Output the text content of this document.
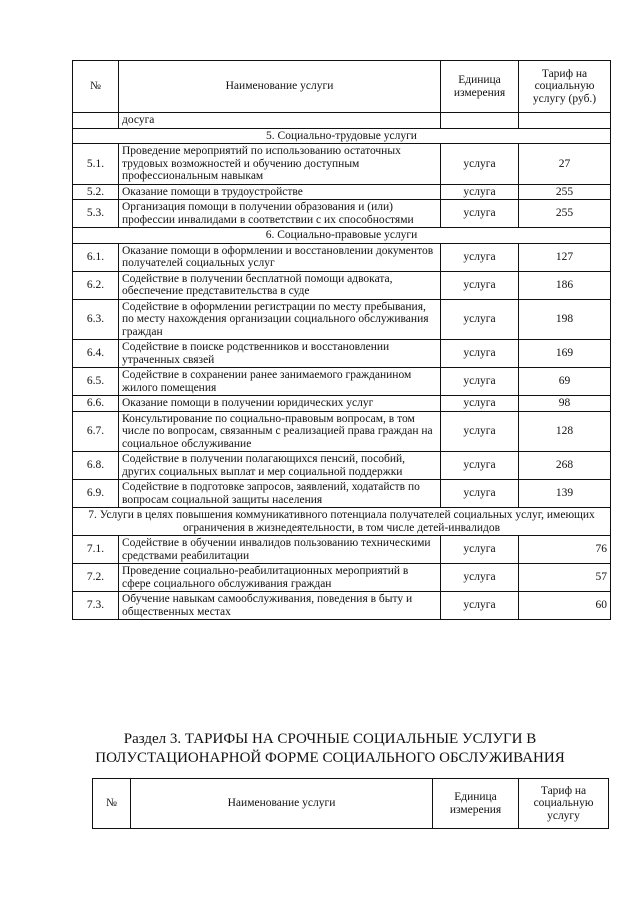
№	Наименование услуги	Единица измерения	Тариф на социальную услугу (руб.)
	досуга		
5. Социально-трудовые услуги			
5.1.	Проведение мероприятий по использованию остаточных трудовых возможностей и обучению доступным профессиональным навыкам	услуга	27
5.2.	Оказание помощи в трудоустройстве	услуга	255
5.3.	Организация помощи в получении образования и (или) профессии инвалидами в соответствии с их способностями	услуга	255
6. Социально-правовые услуги			
6.1.	Оказание помощи в оформлении и восстановлении документов получателей социальных услуг	услуга	127
6.2.	Содействие в получении бесплатной помощи адвоката, обеспечение представительства в суде	услуга	186
6.3.	Содействие в оформлении регистрации по месту пребывания, по месту нахождения организации социального обслуживания граждан	услуга	198
6.4.	Содействие в поиске родственников и восстановлении утраченных связей	услуга	169
6.5.	Содействие в сохранении ранее занимаемого гражданином жилого помещения	услуга	69
6.6.	Оказание помощи в получении юридических услуг	услуга	98
6.7.	Консультирование по социально-правовым вопросам, в том числе по вопросам, связанным с реализацией права граждан на социальное обслуживание	услуга	128
6.8.	Содействие в получении полагающихся пенсий, пособий, других социальных выплат и мер социальной поддержки	услуга	268
6.9.	Содействие в подготовке запросов, заявлений, ходатайств по вопросам социальной защиты населения	услуга	139
7. Услуги в целях повышения коммуникативного потенциала получателей социальных услуг, имеющих ограничения в жизнедеятельности, в том числе детей-инвалидов			
7.1.	Содействие в обучении инвалидов пользованию техническими средствами реабилитации	услуга	76
7.2.	Проведение социально-реабилитационных мероприятий в сфере социального обслуживания граждан	услуга	57
7.3.	Обучение навыкам самообслуживания, поведения в быту и общественных местах	услуга	60
Раздел 3. ТАРИФЫ НА СРОЧНЫЕ СОЦИАЛЬНЫЕ УСЛУГИ В
ПОЛУСТАЦИОНАРНОЙ ФОРМЕ СОЦИАЛЬНОГО ОБСЛУЖИВАНИЯ
№	Наименование услуги	Единица измерения	Тариф на социальную услугу
